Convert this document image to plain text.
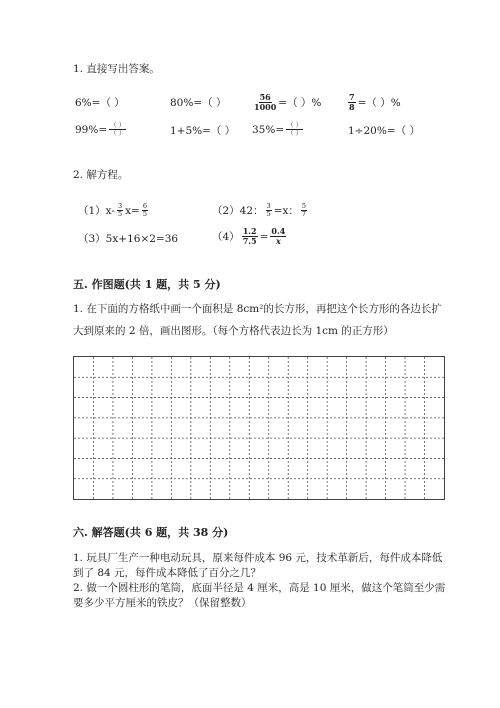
1. 直接写出答案。
6%=（ ）	80%=（ ）	$\frac{56}{1000}$ =（ ）%	$\frac{7}{8}$ =（ ）%
$99\%= \frac{( )}{( )}$	1+5%=（ ） $35\%= \frac{( )}{( )}$	1÷20%=（ ）
2. 解方程。
$(1)x- \frac{3}{5} x= \frac{6}{5}$	（2）42： $\frac{3}{5} =x$： $\frac{5}{7}$
（3）5x+16×2=36	$(4) \frac{1.2}{7.5} = \frac{0.4}{x}$
五. 作图题(共 1 题，共 5 分)
1. 在下面的方格纸中画一个面积是 8cm²的长方形，再把这个长方形的各边长扩
大到原来的 2 倍，画出图形。（每个方格代表边长为 1cm 的正方形）
六. 解答题(共 6 题，共 38 分)
1. 玩具厂生产一种电动玩具，原来每件成本 96 元，技术革新后，每件成本降低
到了 84 元，每件成本降低了百分之几？
2. 做一个圆柱形的笔筒，底面半径是 4 厘米，高是 10 厘米，做这个笔筒至少需
要多少平方厘米的铁皮？（保留整数）
